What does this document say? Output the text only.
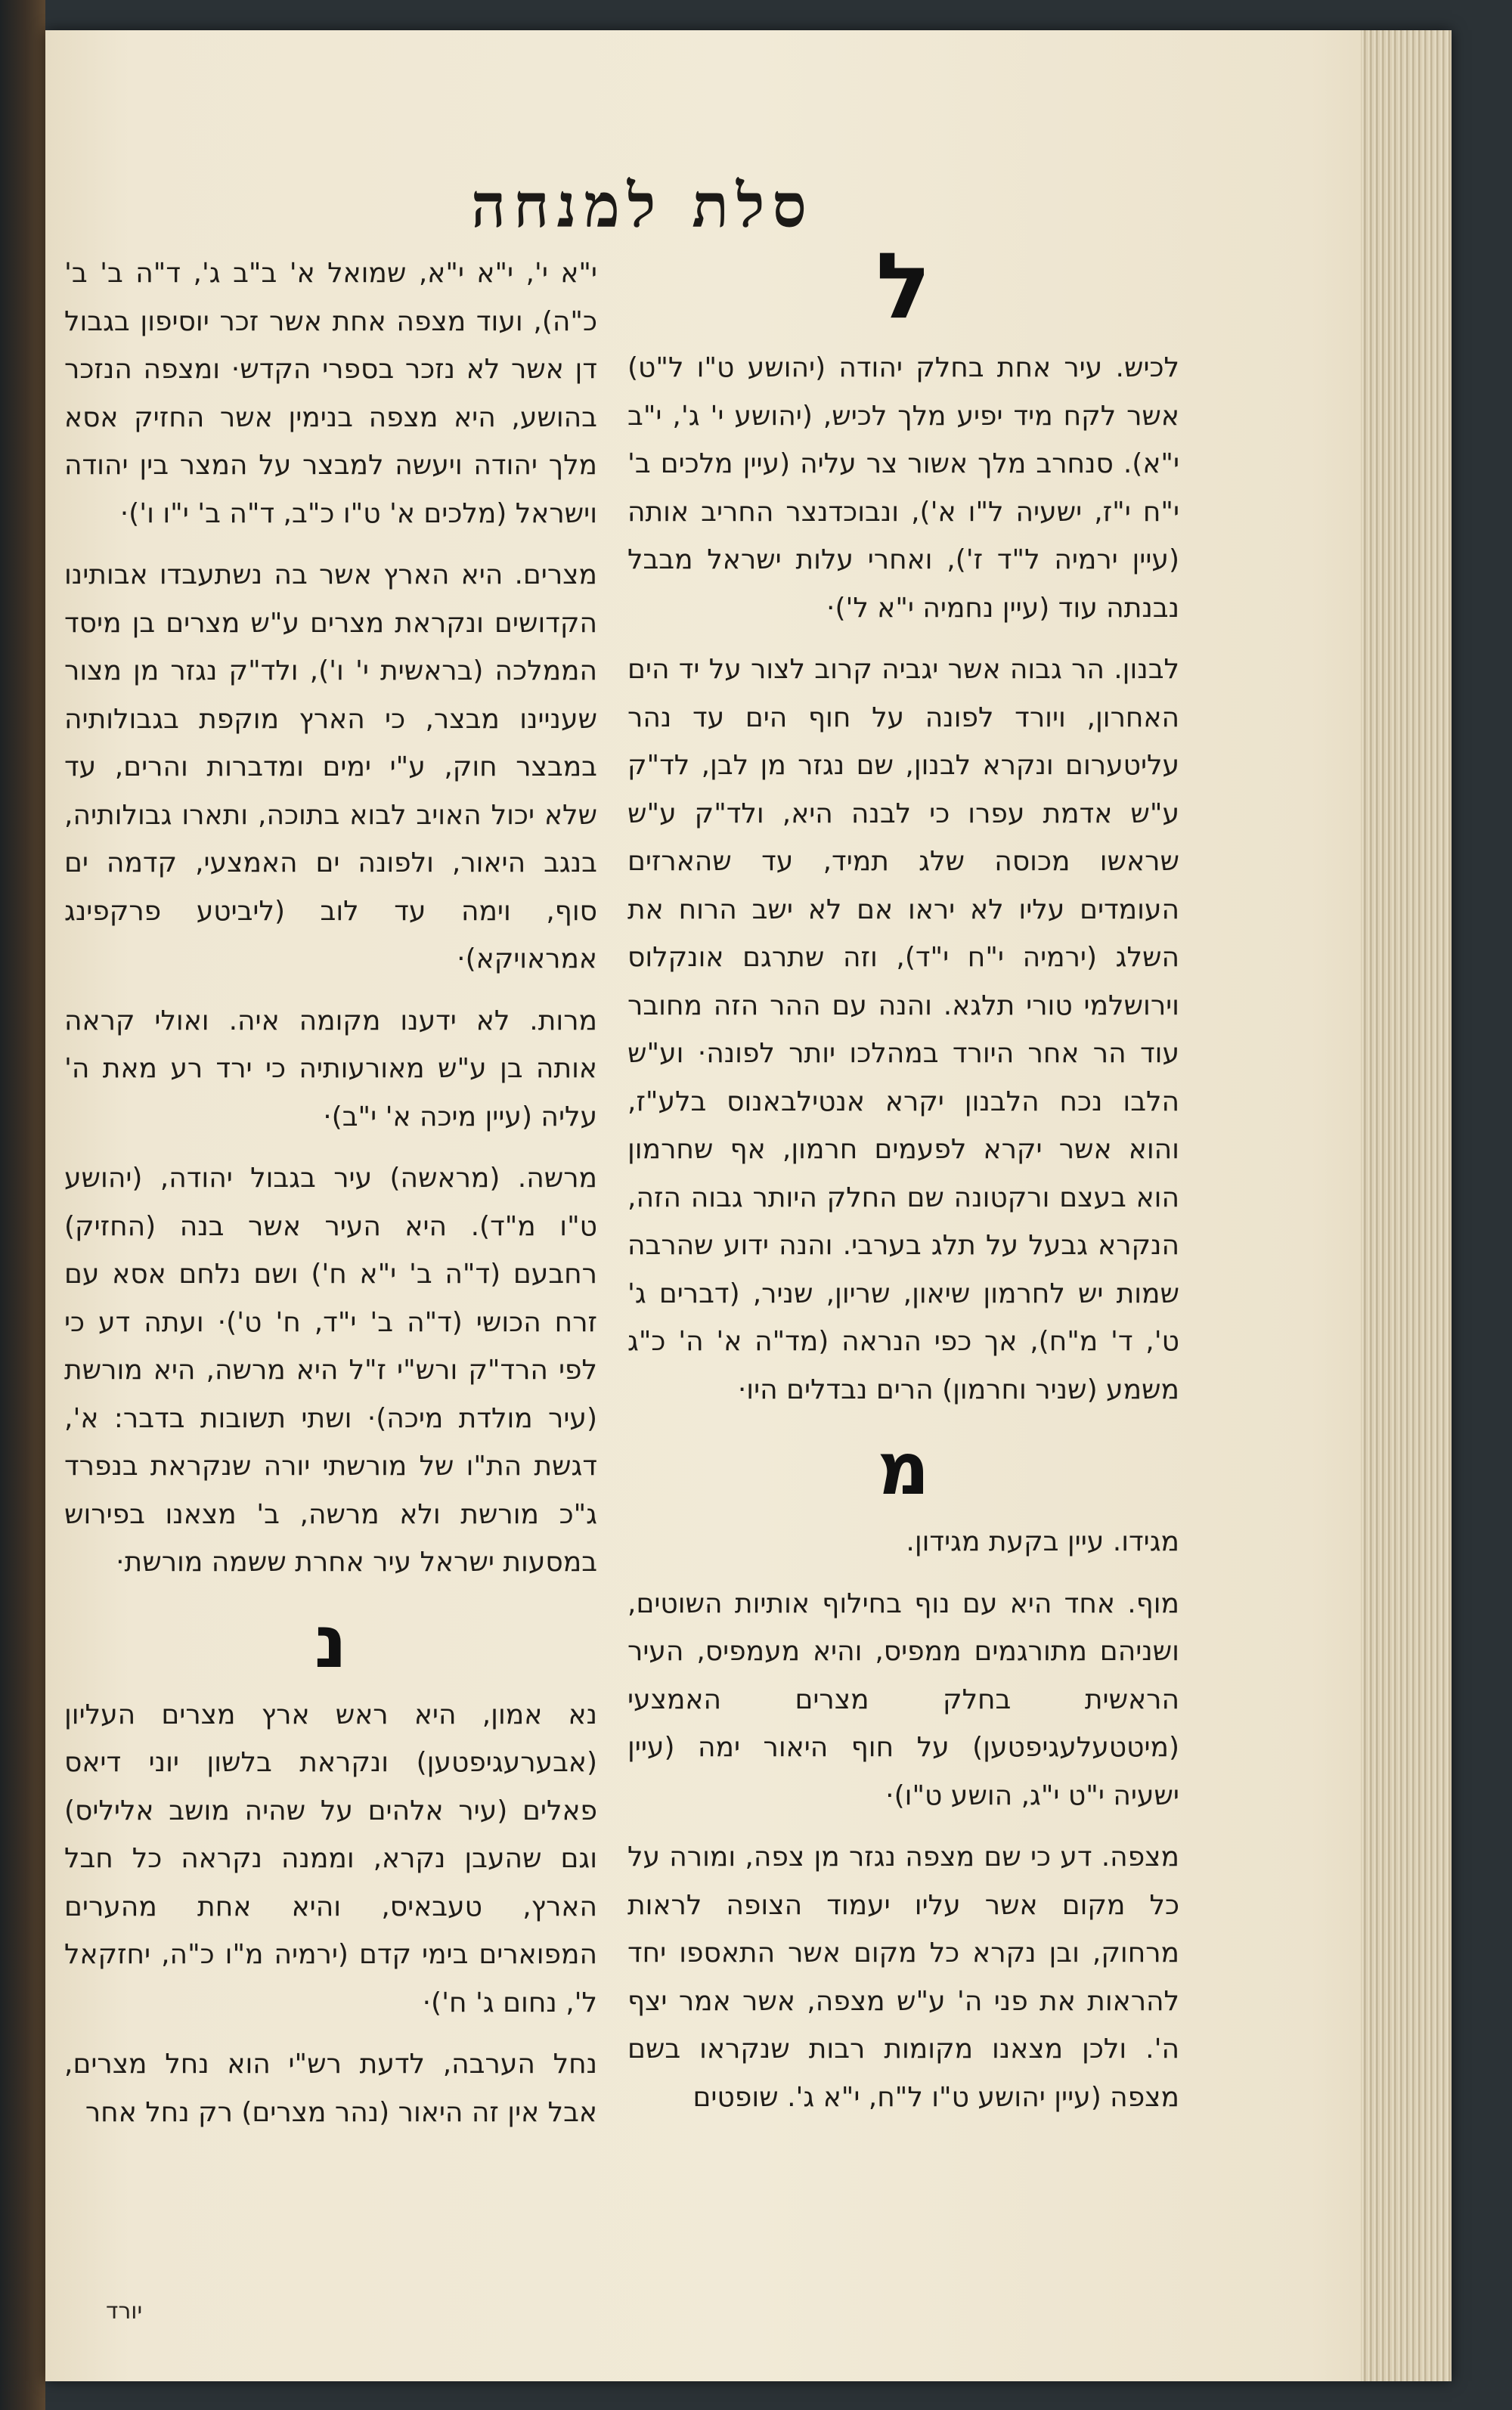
סלת למנחה
ל

לכיש. עיר אחת בחלק יהודה (יהושע ט"ו ל"ט) אשר לקח מיד יפיע מלך לכיש, (יהושע י' ג', י"ב י"א). סנחרב מלך אשור צר עליה (עיין מלכים ב' י"ח י"ז, ישעיה ל"ו א'), ונבוכדנצר החריב אותה (עיין ירמיה ל"ד ז'), ואחרי עלות ישראל מבבל נבנתה עוד (עיין נחמיה י"א ל')·

לבנון. הר גבוה אשר יגביה קרוב לצור על יד הים האחרון, ויורד לפונה על חוף הים עד נהר עליטערום ונקרא לבנון, שם נגזר מן לבן, לד"ק ע"ש אדמת עפרו כי לבנה היא, ולד"ק ע"ש שראשו מכוסה שלג תמיד, עד שהארזים העומדים עליו לא יראו אם לא ישב הרוח את השלג (ירמיה י"ח י"ד), וזה שתרגם אונקלוס וירושלמי טורי תלגא. והנה עם ההר הזה מחובר עוד הר אחר היורד במהלכו יותר לפונה· וע"ש הלבו נכח הלבנון יקרא אנטילבאנוס בלע"ז, והוא אשר יקרא לפעמים חרמון, אף שחרמון הוא בעצם ורקטונה שם החלק היותר גבוה הזה, הנקרא גבעל על תלג בערבי. והנה ידוע שהרבה שמות יש לחרמון שיאון, שריון, שניר, (דברים ג' ט', ד' מ"ח), אך כפי הנראה (מד"ה א' ה' כ"ג משמע (שניר וחרמון) הרים נבדלים היו·

מ

מגידו. עיין בקעת מגידון.

מוף. אחד היא עם נוף בחילוף אותיות השוטים, ושניהם מתורגמים ממפיס, והיא מעמפיס, העיר הראשית בחלק מצרים האמצעי (מיטטעלעגיפטען) על חוף היאור ימה (עיין ישעיה י"ט י"ג, הושע ט"ו)·

מצפה. דע כי שם מצפה נגזר מן צפה, ומורה על כל מקום אשר עליו יעמוד הצופה לראות מרחוק, ובן נקרא כל מקום אשר התאספו יחד להראות את פני ה' ע"ש מצפה, אשר אמר יצף ה'. ולכן מצאנו מקומות רבות שנקראו בשם מצפה (עיין יהושע ט"ו ל"ח, י"א ג'. שופטים

י"א י', י"א י"א, שמואל א' ב"ב ג', ד"ה ב' ב' כ"ה), ועוד מצפה אחת אשר זכר יוסיפון בגבול דן אשר לא נזכר בספרי הקדש· ומצפה הנזכר בהושע, היא מצפה בנימין אשר החזיק אסא מלך יהודה ויעשה למבצר על המצר בין יהודה וישראל (מלכים א' ט"ו כ"ב, ד"ה ב' י"ו ו')·

מצרים. היא הארץ אשר בה נשתעבדו אבותינו הקדושים ונקראת מצרים ע"ש מצרים בן מיסד הממלכה (בראשית י' ו'), ולד"ק נגזר מן מצור שעניינו מבצר, כי הארץ מוקפת בגבולותיה במבצר חוק, ע"י ימים ומדברות והרים, עד שלא יכול האויב לבוא בתוכה, ותארו גבולותיה, בנגב היאור, ולפונה ים האמצעי, קדמה ים סוף, וימה עד לוב (ליביטע פרקפינג אמראויקא)·

מרות. לא ידענו מקומה איה. ואולי קראה אותה בן ע"ש מאורעותיה כי ירד רע מאת ה' עליה (עיין מיכה א' י"ב)·

מרשה. (מראשה) עיר בגבול יהודה, (יהושע ט"ו מ"ד). היא העיר אשר בנה (החזיק) רחבעם (ד"ה ב' י"א ח') ושם נלחם אסא עם זרח הכושי (ד"ה ב' י"ד, ח' ט')· ועתה דע כי לפי הרד"ק ורש"י ז"ל היא מרשה, היא מורשת (עיר מולדת מיכה)· ושתי תשובות בדבר: א', דגשת הת"ו של מורשתי יורה שנקראת בנפרד ג"כ מורשת ולא מרשה, ב' מצאנו בפירוש במסעות ישראל עיר אחרת ששמה מורשת·

נ

נא אמון, היא ראש ארץ מצרים העליון (אבערעגיפטען) ונקראת בלשון יוני דיאס פאלים (עיר אלהים על שהיה מושב אליליס) וגם שהעבן נקרא, וממנה נקראה כל חבל הארץ, טעבאיס, והיא אחת מהערים המפוארים בימי קדם (ירמיה מ"ו כ"ה, יחזקאל ל', נחום ג' ח')·

נחל הערבה, לדעת רש"י הוא נחל מצרים, אבל אין זה היאור (נהר מצרים) רק נחל אחר

יורד
